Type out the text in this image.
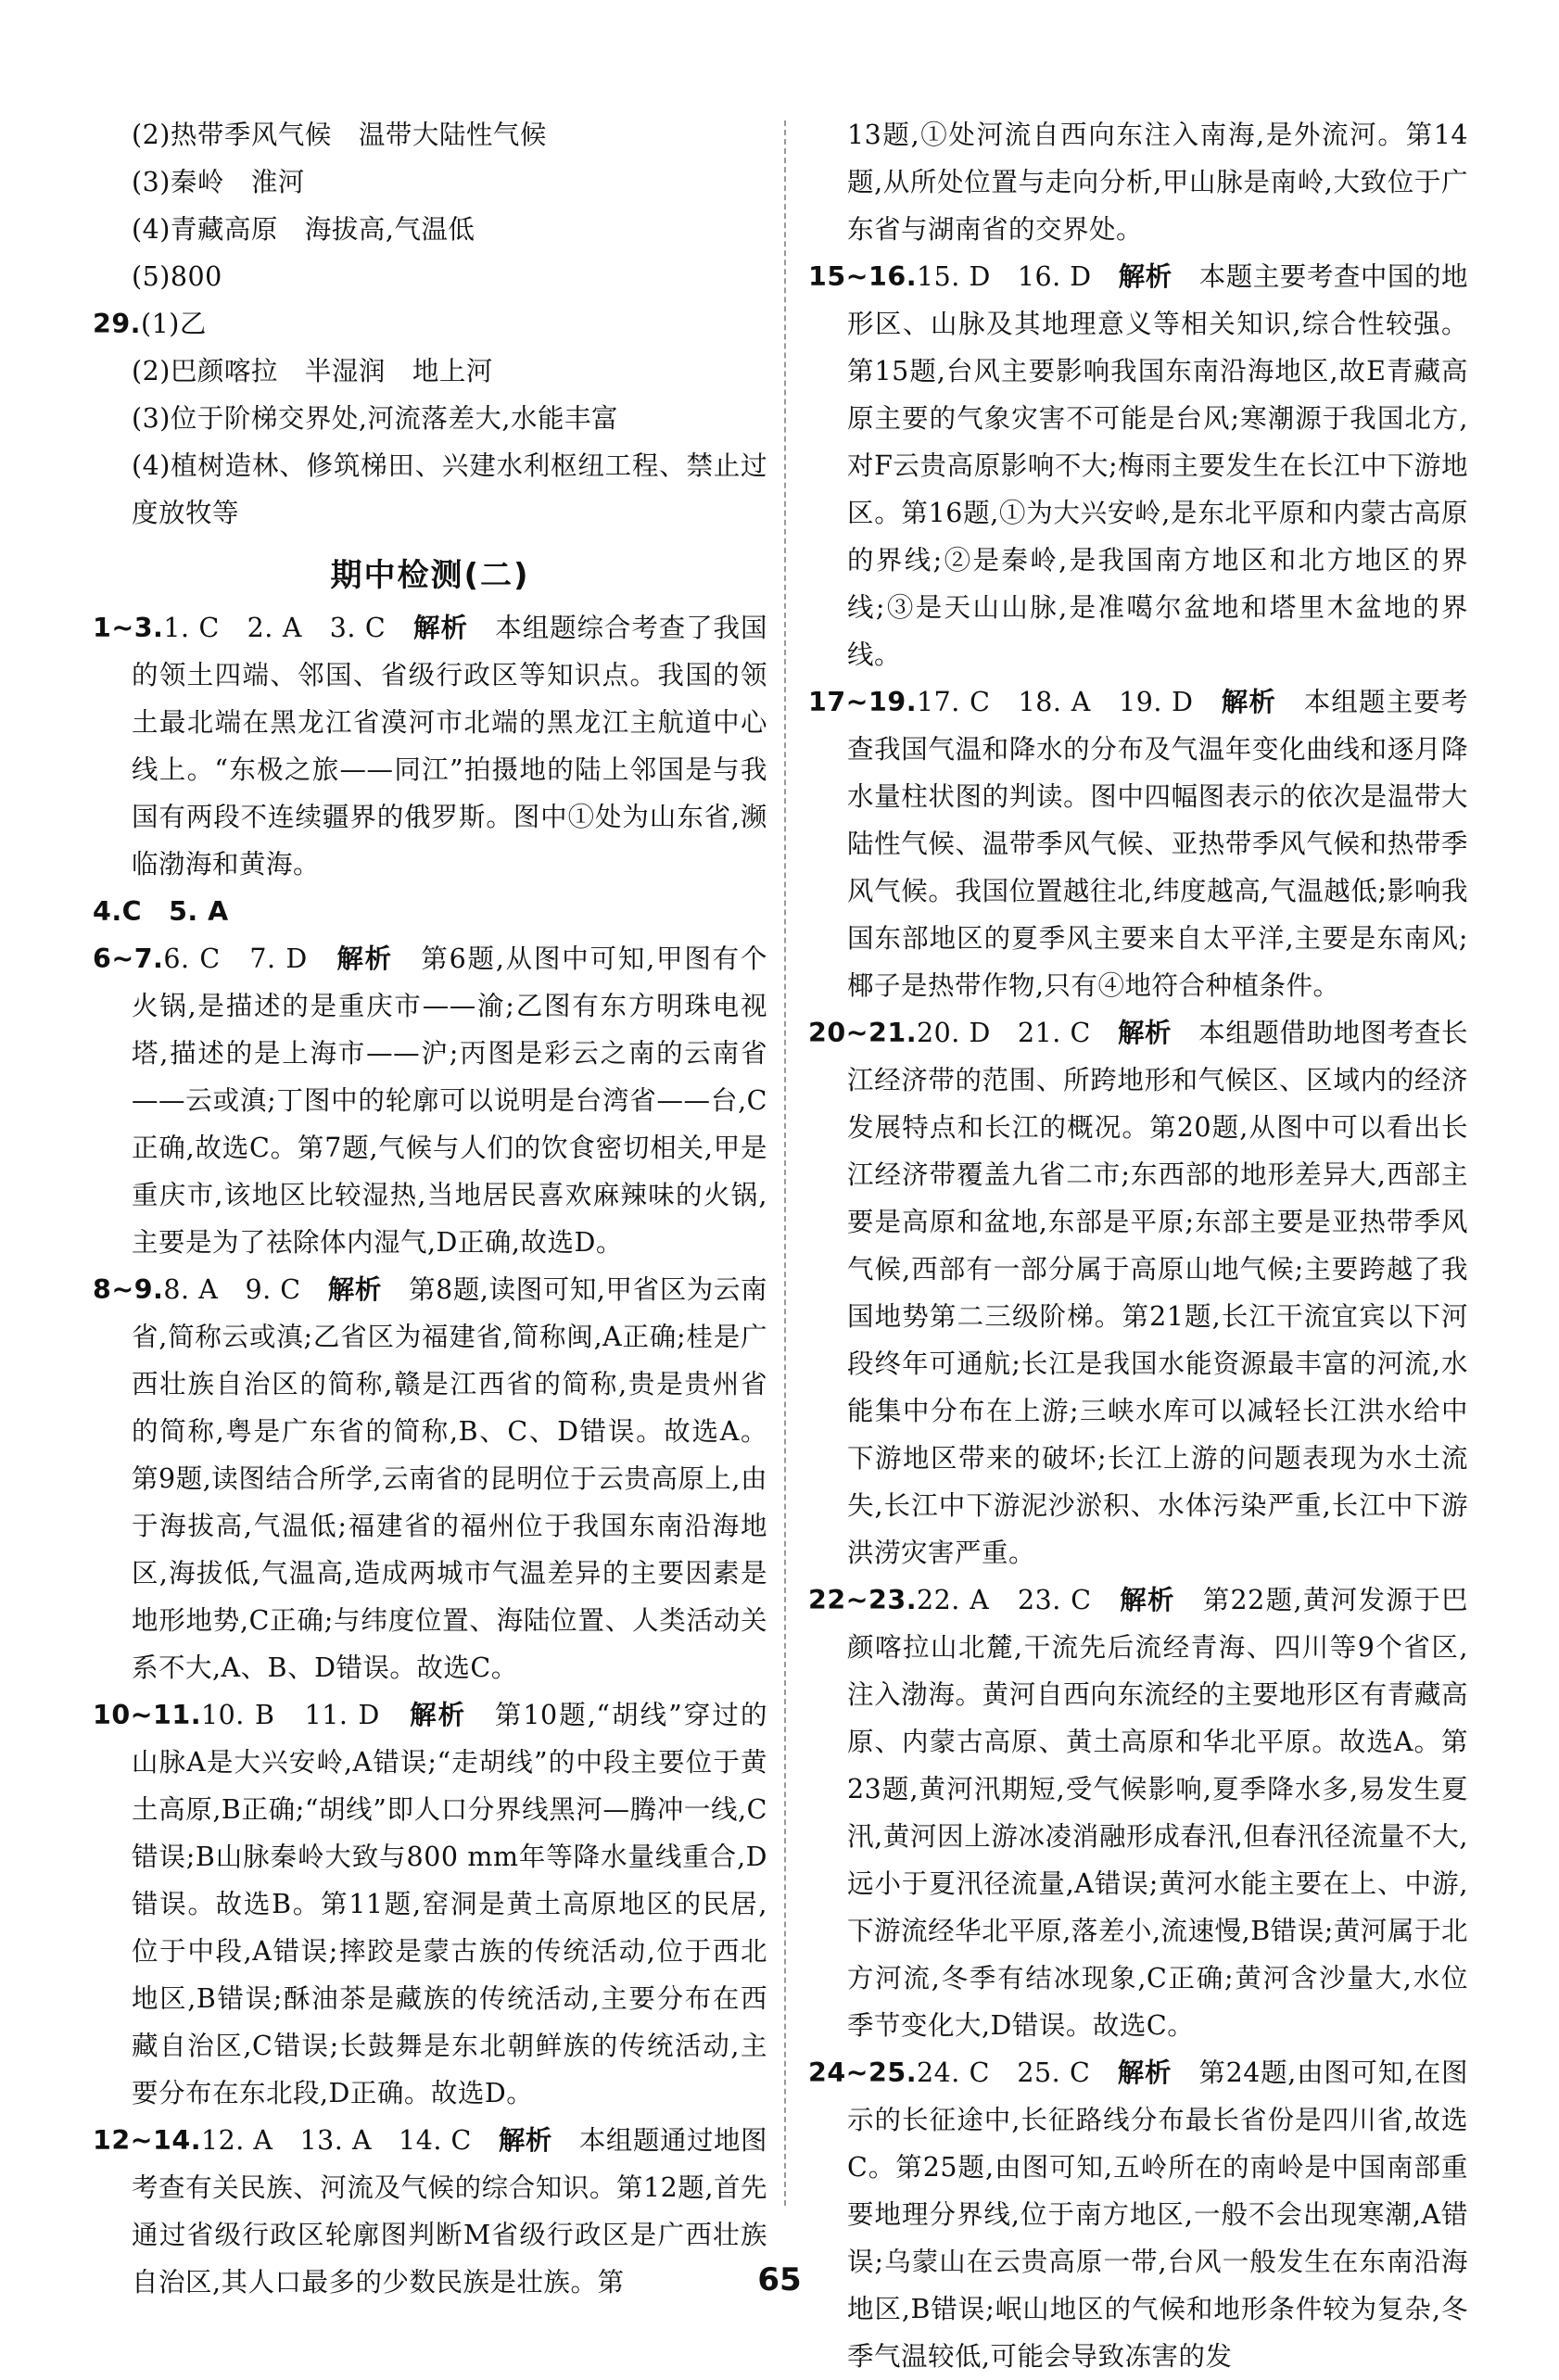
(2)热带季风气候　温带大陆性气候

(3)秦岭　淮河

(4)青藏高原　海拔高,气温低

(5)800

29.(1)乙

(2)巴颜喀拉　半湿润　地上河

(3)位于阶梯交界处,河流落差大,水能丰富

(4)植树造林、修筑梯田、兴建水利枢纽工程、禁止过度放牧等

期中检测(二)

1~3.1. C　2. A　3. C　 解析　 本组题综合考查了我国的领土四端、邻国、省级行政区等知识点。我国的领土最北端在黑龙江省漠河市北端的黑龙江主航道中心线上。“东极之旅——同江”拍摄地的陆上邻国是与我国有两段不连续疆界的俄罗斯。图中①处为山东省,濒临渤海和黄海。

4.C　5. A

6~7.6. C　7. D　 解析　 第6题,从图中可知,甲图有个火锅,是描述的是重庆市——渝;乙图有东方明珠电视塔,描述的是上海市——沪;丙图是彩云之南的云南省——云或滇;丁图中的轮廓可以说明是台湾省——台,C正确,故选C。第7题,气候与人们的饮食密切相关,甲是重庆市,该地区比较湿热,当地居民喜欢麻辣味的火锅,主要是为了祛除体内湿气,D正确,故选D。

8~9.8. A　9. C　 解析　 第8题,读图可知,甲省区为云南省,简称云或滇;乙省区为福建省,简称闽,A正确;桂是广西壮族自治区的简称,赣是江西省的简称,贵是贵州省的简称,粤是广东省的简称,B、C、D错误。故选A。第9题,读图结合所学,云南省的昆明位于云贵高原上,由于海拔高,气温低;福建省的福州位于我国东南沿海地区,海拔低,气温高,造成两城市气温差异的主要因素是地形地势,C正确;与纬度位置、海陆位置、人类活动关系不大,A、B、D错误。故选C。

10~11.10. B　11. D　 解析　 第10题,“胡线”穿过的山脉A是大兴安岭,A错误;“走胡线”的中段主要位于黄土高原,B正确;“胡线”即人口分界线黑河—腾冲一线,C错误;B山脉秦岭大致与800 mm年等降水量线重合,D错误。故选B。第11题,窑洞是黄土高原地区的民居,位于中段,A错误;摔跤是蒙古族的传统活动,位于西北地区,B错误;酥油茶是藏族的传统活动,主要分布在西藏自治区,C错误;长鼓舞是东北朝鲜族的传统活动,主要分布在东北段,D正确。故选D。

12~14.12. A　13. A　14. C　 解析　 本组题通过地图考查有关民族、河流及气候的综合知识。第12题,首先通过省级行政区轮廓图判断M省级行政区是广西壮族自治区,其人口最多的少数民族是壮族。第

13题,①处河流自西向东注入南海,是外流河。第14题,从所处位置与走向分析,甲山脉是南岭,大致位于广东省与湖南省的交界处。

15~16.15. D　16. D　 解析　 本题主要考查中国的地形区、山脉及其地理意义等相关知识,综合性较强。第15题,台风主要影响我国东南沿海地区,故E青藏高原主要的气象灾害不可能是台风;寒潮源于我国北方,对F云贵高原影响不大;梅雨主要发生在长江中下游地区。第16题,①为大兴安岭,是东北平原和内蒙古高原的界线;②是秦岭,是我国南方地区和北方地区的界线;③是天山山脉,是准噶尔盆地和塔里木盆地的界线。

17~19.17. C　18. A　19. D　 解析　 本组题主要考查我国气温和降水的分布及气温年变化曲线和逐月降水量柱状图的判读。图中四幅图表示的依次是温带大陆性气候、温带季风气候、亚热带季风气候和热带季风气候。我国位置越往北,纬度越高,气温越低;影响我国东部地区的夏季风主要来自太平洋,主要是东南风;椰子是热带作物,只有④地符合种植条件。

20~21.20. D　21. C　 解析　 本组题借助地图考查长江经济带的范围、所跨地形和气候区、区域内的经济发展特点和长江的概况。第20题,从图中可以看出长江经济带覆盖九省二市;东西部的地形差异大,西部主要是高原和盆地,东部是平原;东部主要是亚热带季风气候,西部有一部分属于高原山地气候;主要跨越了我国地势第二三级阶梯。第21题,长江干流宜宾以下河段终年可通航;长江是我国水能资源最丰富的河流,水能集中分布在上游;三峡水库可以减轻长江洪水给中下游地区带来的破坏;长江上游的问题表现为水土流失,长江中下游泥沙淤积、水体污染严重,长江中下游洪涝灾害严重。

22~23.22. A　23. C　 解析　 第22题,黄河发源于巴颜喀拉山北麓,干流先后流经青海、四川等9个省区,注入渤海。黄河自西向东流经的主要地形区有青藏高原、内蒙古高原、黄土高原和华北平原。故选A。第23题,黄河汛期短,受气候影响,夏季降水多,易发生夏汛,黄河因上游冰凌消融形成春汛,但春汛径流量不大,远小于夏汛径流量,A错误;黄河水能主要在上、中游,下游流经华北平原,落差小,流速慢,B错误;黄河属于北方河流,冬季有结冰现象,C正确;黄河含沙量大,水位季节变化大,D错误。故选C。

24~25.24. C　25. C　 解析　 第24题,由图可知,在图示的长征途中,长征路线分布最长省份是四川省,故选C。第25题,由图可知,五岭所在的南岭是中国南部重要地理分界线,位于南方地区,一般不会出现寒潮,A错误;乌蒙山在云贵高原一带,台风一般发生在东南沿海地区,B错误;岷山地区的气候和地形条件较为复杂,冬季气温较低,可能会导致冻害的发

65
